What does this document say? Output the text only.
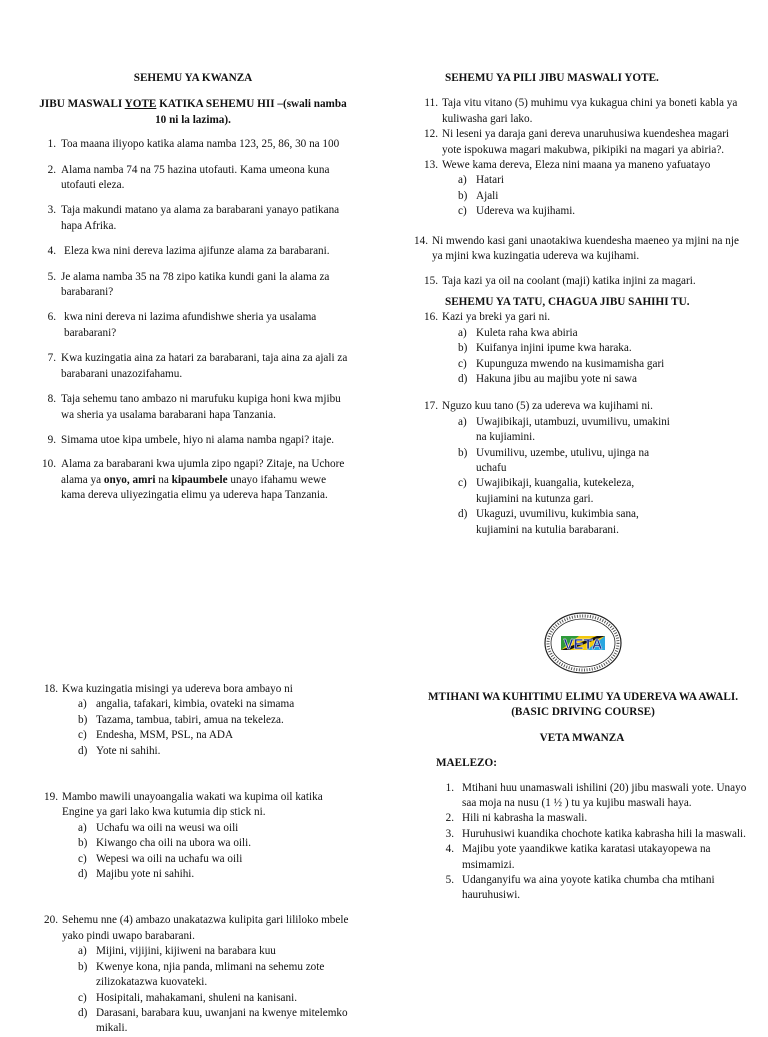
SEHEMU YA KWANZA
JIBU MASWALI YOTE KATIKA SEHEMU HII –(swali namba 10 ni la lazima).
1. Toa maana iliyopo katika alama namba 123, 25, 86, 30 na 100
2. Alama namba 74 na 75 hazina utofauti. Kama umeona kuna utofauti eleza.
3. Taja makundi matano ya alama za barabarani yanayo patikana hapa Afrika.
4. Eleza kwa nini dereva lazima ajifunze alama za barabarani.
5. Je alama namba 35 na 78 zipo katika kundi gani la alama za barabarani?
6. kwa nini dereva ni lazima afundishwe sheria ya usalama barabarani?
7. Kwa kuzingatia aina za hatari za barabarani, taja aina za ajali za barabarani unazozifahamu.
8. Taja sehemu tano ambazo ni marufuku kupiga honi kwa mjibu wa sheria ya usalama barabarani hapa Tanzania.
9. Simama utoe kipa umbele, hiyo ni alama namba ngapi? itaje.
10. Alama za barabarani kwa ujumla zipo ngapi? Zitaje, na Uchore alama ya onyo, amri na kipaumbele unayo ifahamu wewe kama dereva uliyezingatia elimu ya udereva hapa Tanzania.
SEHEMU YA PILI JIBU MASWALI YOTE.
11. Taja vitu vitano (5) muhimu vya kukagua chini ya boneti kabla ya kuliwasha gari lako.
12. Ni leseni ya daraja gani dereva unaruhusiwa kuendeshea magari yote ispokuwa magari makubwa, pikipiki na magari ya abiria?.
13. Wewe kama dereva, Eleza nini maana ya maneno yafuatayo
a) Hatari
b) Ajali
c) Udereva wa kujihami.
14. Ni mwendo kasi gani unaotakiwa kuendesha maeneo ya mjini na nje ya mjini kwa kuzingatia udereva wa kujihami.
15. Taja kazi ya oil na coolant (maji) katika injini za magari.
SEHEMU YA TATU, CHAGUA JIBU SAHIHI TU.
16. Kazi ya breki ya gari ni.
a) Kuleta raha kwa abiria
b) Kuifanya injini ipume kwa haraka.
c) Kupunguza mwendo na kusimamisha gari
d) Hakuna jibu au majibu yote ni sawa
17. Nguzo kuu tano (5) za udereva wa kujihami ni.
a) Uwajibikaji, utambuzi, uvumilivu, umakini na kujiamini.
b) Uvumilivu, uzembe, utulivu, ujinga na uchafu
c) Uwajibikaji, kuangalia, kutekeleza, kujiamini na kutunza gari.
d) Ukaguzi, uvumilivu, kukimbia sana, kujiamini na kutulia barabarani.
18. Kwa kuzingatia misingi ya udereva bora ambayo ni
a) angalia, tafakari, kimbia, ovateki na simama
b) Tazama, tambua, tabiri, amua na tekeleza.
c) Endesha, MSM, PSL, na ADA
d) Yote ni sahihi.
19. Mambo mawili unayoangalia wakati wa kupima oil katika Engine ya gari lako kwa kutumia dip stick ni.
a) Uchafu wa oili na weusi wa oili
b) Kiwango cha oili na ubora wa oili.
c) Wepesi wa oili na uchafu wa oili
d) Majibu yote ni sahihi.
20. Sehemu nne (4) ambazo unakatazwa kulipita gari lililoko mbele yako pindi uwapo barabarani.
a) Mijini, vijijini, kijiweni na barabara kuu
b) Kwenye kona, njia panda, mlimani na sehemu zote zilizokatazwa kuovateki.
c) Hosipitali, mahakamani, shuleni na kanisani.
d) Darasani, barabara kuu, uwanjani na kwenye mitelemko mikali.
VETA
MTIHANI WA KUHITIMU ELIMU YA UDEREVA WA AWALI. (BASIC DRIVING COURSE)
VETA MWANZA
MAELEZO:
1. Mtihani huu unamaswali ishilini (20) jibu maswali yote. Unayo saa moja na nusu (1 ½ ) tu ya kujibu maswali haya.
2. Hili ni kabrasha la maswali.
3. Huruhusiwi kuandika chochote katika kabrasha hili la maswali.
4. Majibu yote yaandikwe katika karatasi utakayopewa na msimamizi.
5. Udanganyifu wa aina yoyote katika chumba cha mtihani hauruhusiwi.
